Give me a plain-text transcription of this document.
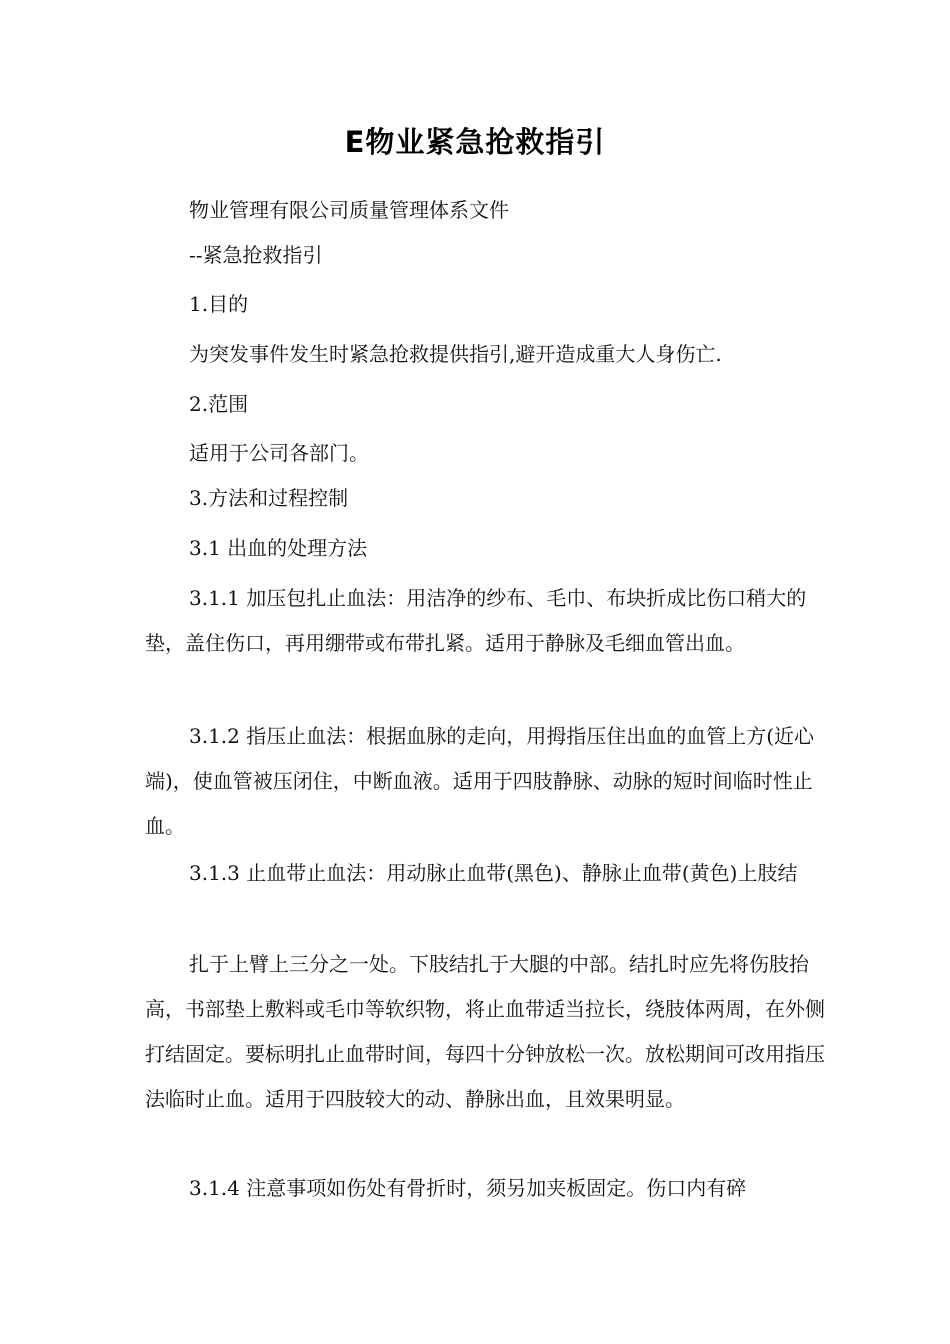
E物业紧急抢救指引
物业管理有限公司质量管理体系文件
--紧急抢救指引
1.目的
为突发事件发生时紧急抢救提供指引,避开造成重大人身伤亡.
2.范围
适用于公司各部门。
3.方法和过程控制
3.1 出血的处理方法
3.1.1 加压包扎止血法：用洁净的纱布、毛巾、布块折成比伤口稍大的垫，盖住伤口，再用绷带或布带扎紧。适用于静脉及毛细血管出血。
3.1.2 指压止血法：根据血脉的走向，用拇指压住出血的血管上方(近心端)，使血管被压闭住，中断血液。适用于四肢静脉、动脉的短时间临时性止血。
3.1.3 止血带止血法：用动脉止血带(黑色)、静脉止血带(黄色)上肢结
扎于上臂上三分之一处。下肢结扎于大腿的中部。结扎时应先将伤肢抬高，书部垫上敷料或毛巾等软织物，将止血带适当拉长，绕肢体两周，在外侧打结固定。要标明扎止血带时间，每四十分钟放松一次。放松期间可改用指压法临时止血。适用于四肢较大的动、静脉出血，且效果明显。
3.1.4 注意事项如伤处有骨折时，须另加夹板固定。伤口内有碎
